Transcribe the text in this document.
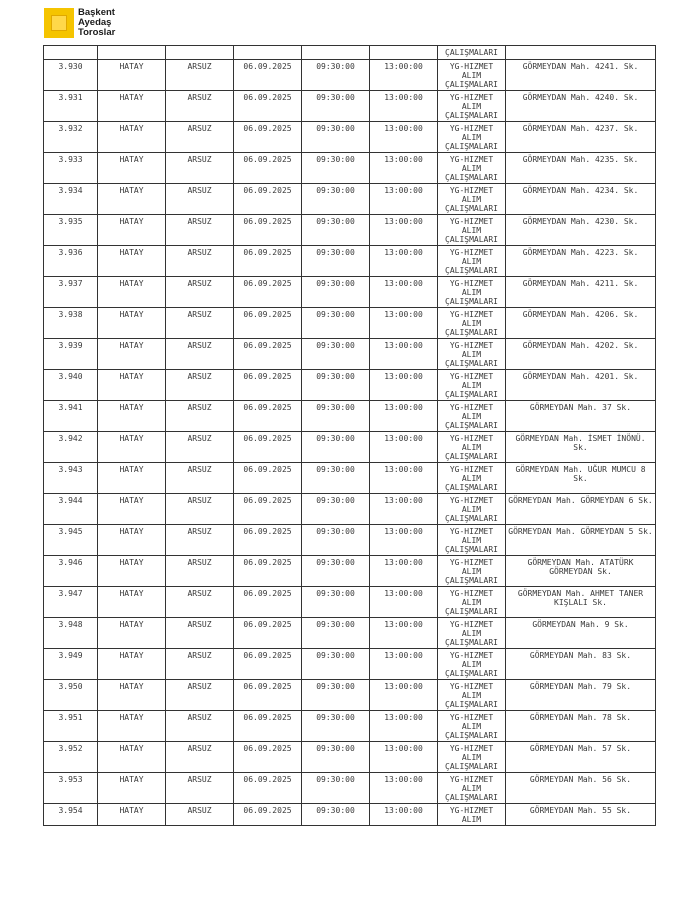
Başkent
Ayedaş
Toroslar
						ÇALIŞMALARI	
3.930	HATAY	ARSUZ	06.09.2025	09:30:00	13:00:00	YG-HIZMET ALIM ÇALIŞMALARI	GÖRMEYDAN Mah. 4241. Sk.
3.931	HATAY	ARSUZ	06.09.2025	09:30:00	13:00:00	YG-HIZMET ALIM ÇALIŞMALARI	GÖRMEYDAN Mah. 4240. Sk.
3.932	HATAY	ARSUZ	06.09.2025	09:30:00	13:00:00	YG-HIZMET ALIM ÇALIŞMALARI	GÖRMEYDAN Mah. 4237. Sk.
3.933	HATAY	ARSUZ	06.09.2025	09:30:00	13:00:00	YG-HIZMET ALIM ÇALIŞMALARI	GÖRMEYDAN Mah. 4235. Sk.
3.934	HATAY	ARSUZ	06.09.2025	09:30:00	13:00:00	YG-HIZMET ALIM ÇALIŞMALARI	GÖRMEYDAN Mah. 4234. Sk.
3.935	HATAY	ARSUZ	06.09.2025	09:30:00	13:00:00	YG-HIZMET ALIM ÇALIŞMALARI	GÖRMEYDAN Mah. 4230. Sk.
3.936	HATAY	ARSUZ	06.09.2025	09:30:00	13:00:00	YG-HIZMET ALIM ÇALIŞMALARI	GÖRMEYDAN Mah. 4223. Sk.
3.937	HATAY	ARSUZ	06.09.2025	09:30:00	13:00:00	YG-HIZMET ALIM ÇALIŞMALARI	GÖRMEYDAN Mah. 4211. Sk.
3.938	HATAY	ARSUZ	06.09.2025	09:30:00	13:00:00	YG-HIZMET ALIM ÇALIŞMALARI	GÖRMEYDAN Mah. 4206. Sk.
3.939	HATAY	ARSUZ	06.09.2025	09:30:00	13:00:00	YG-HIZMET ALIM ÇALIŞMALARI	GÖRMEYDAN Mah. 4202. Sk.
3.940	HATAY	ARSUZ	06.09.2025	09:30:00	13:00:00	YG-HIZMET ALIM ÇALIŞMALARI	GÖRMEYDAN Mah. 4201. Sk.
3.941	HATAY	ARSUZ	06.09.2025	09:30:00	13:00:00	YG-HIZMET ALIM ÇALIŞMALARI	GÖRMEYDAN Mah. 37 Sk.
3.942	HATAY	ARSUZ	06.09.2025	09:30:00	13:00:00	YG-HIZMET ALIM ÇALIŞMALARI	GÖRMEYDAN Mah. İSMET İNÖNÜ. Sk.
3.943	HATAY	ARSUZ	06.09.2025	09:30:00	13:00:00	YG-HIZMET ALIM ÇALIŞMALARI	GÖRMEYDAN Mah. UĞUR MUMCU 8 Sk.
3.944	HATAY	ARSUZ	06.09.2025	09:30:00	13:00:00	YG-HIZMET ALIM ÇALIŞMALARI	GÖRMEYDAN Mah. GÖRMEYDAN 6 Sk.
3.945	HATAY	ARSUZ	06.09.2025	09:30:00	13:00:00	YG-HIZMET ALIM ÇALIŞMALARI	GÖRMEYDAN Mah. GÖRMEYDAN 5 Sk.
3.946	HATAY	ARSUZ	06.09.2025	09:30:00	13:00:00	YG-HIZMET ALIM ÇALIŞMALARI	GÖRMEYDAN Mah. ATATÜRK GÖRMEYDAN Sk.
3.947	HATAY	ARSUZ	06.09.2025	09:30:00	13:00:00	YG-HIZMET ALIM ÇALIŞMALARI	GÖRMEYDAN Mah. AHMET TANER KIŞLALI Sk.
3.948	HATAY	ARSUZ	06.09.2025	09:30:00	13:00:00	YG-HIZMET ALIM ÇALIŞMALARI	GÖRMEYDAN Mah. 9 Sk.
3.949	HATAY	ARSUZ	06.09.2025	09:30:00	13:00:00	YG-HIZMET ALIM ÇALIŞMALARI	GÖRMEYDAN Mah. 83 Sk.
3.950	HATAY	ARSUZ	06.09.2025	09:30:00	13:00:00	YG-HIZMET ALIM ÇALIŞMALARI	GÖRMEYDAN Mah. 79 Sk.
3.951	HATAY	ARSUZ	06.09.2025	09:30:00	13:00:00	YG-HIZMET ALIM ÇALIŞMALARI	GÖRMEYDAN Mah. 78 Sk.
3.952	HATAY	ARSUZ	06.09.2025	09:30:00	13:00:00	YG-HIZMET ALIM ÇALIŞMALARI	GÖRMEYDAN Mah. 57 Sk.
3.953	HATAY	ARSUZ	06.09.2025	09:30:00	13:00:00	YG-HIZMET ALIM ÇALIŞMALARI	GÖRMEYDAN Mah. 56 Sk.
3.954	HATAY	ARSUZ	06.09.2025	09:30:00	13:00:00	YG-HIZMET ALIM	GÖRMEYDAN Mah. 55 Sk.
